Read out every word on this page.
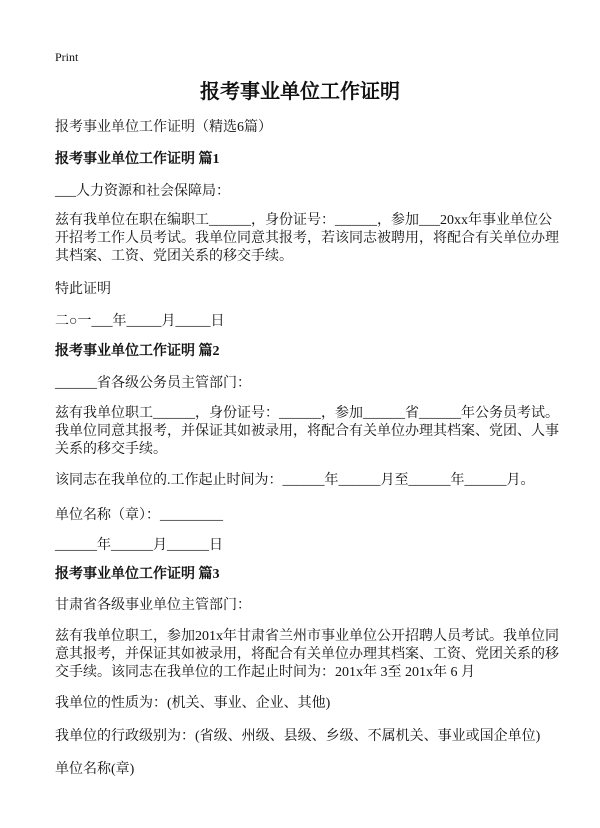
Print
报考事业单位工作证明
报考事业单位工作证明（精选6篇）
报考事业单位工作证明 篇1
___人力资源和社会保障局：
兹有我单位在职在编职工______，身份证号：______，参加___20xx年事业单位公
开招考工作人员考试。我单位同意其报考，若该同志被聘用，将配合有关单位办理
其档案、工资、党团关系的移交手续。
特此证明
二○一___年_____月_____日
报考事业单位工作证明 篇2
______省各级公务员主管部门：
兹有我单位职工______，身份证号：______，参加______省______年公务员考试。
我单位同意其报考，并保证其如被录用，将配合有关单位办理其档案、党团、人事
关系的移交手续。
该同志在我单位的.工作起止时间为：______年______月至______年______月。
单位名称（章）：_________
______年______月______日
报考事业单位工作证明 篇3
甘肃省各级事业单位主管部门：
兹有我单位职工，参加201x年甘肃省兰州市事业单位公开招聘人员考试。我单位同
意其报考，并保证其如被录用，将配合有关单位办理其档案、工资、党团关系的移
交手续。该同志在我单位的工作起止时间为：201x年 3至 201x年 6 月
我单位的性质为：(机关、事业、企业、其他)
我单位的行政级别为：(省级、州级、县级、乡级、不属机关、事业或国企单位)
单位名称(章)
